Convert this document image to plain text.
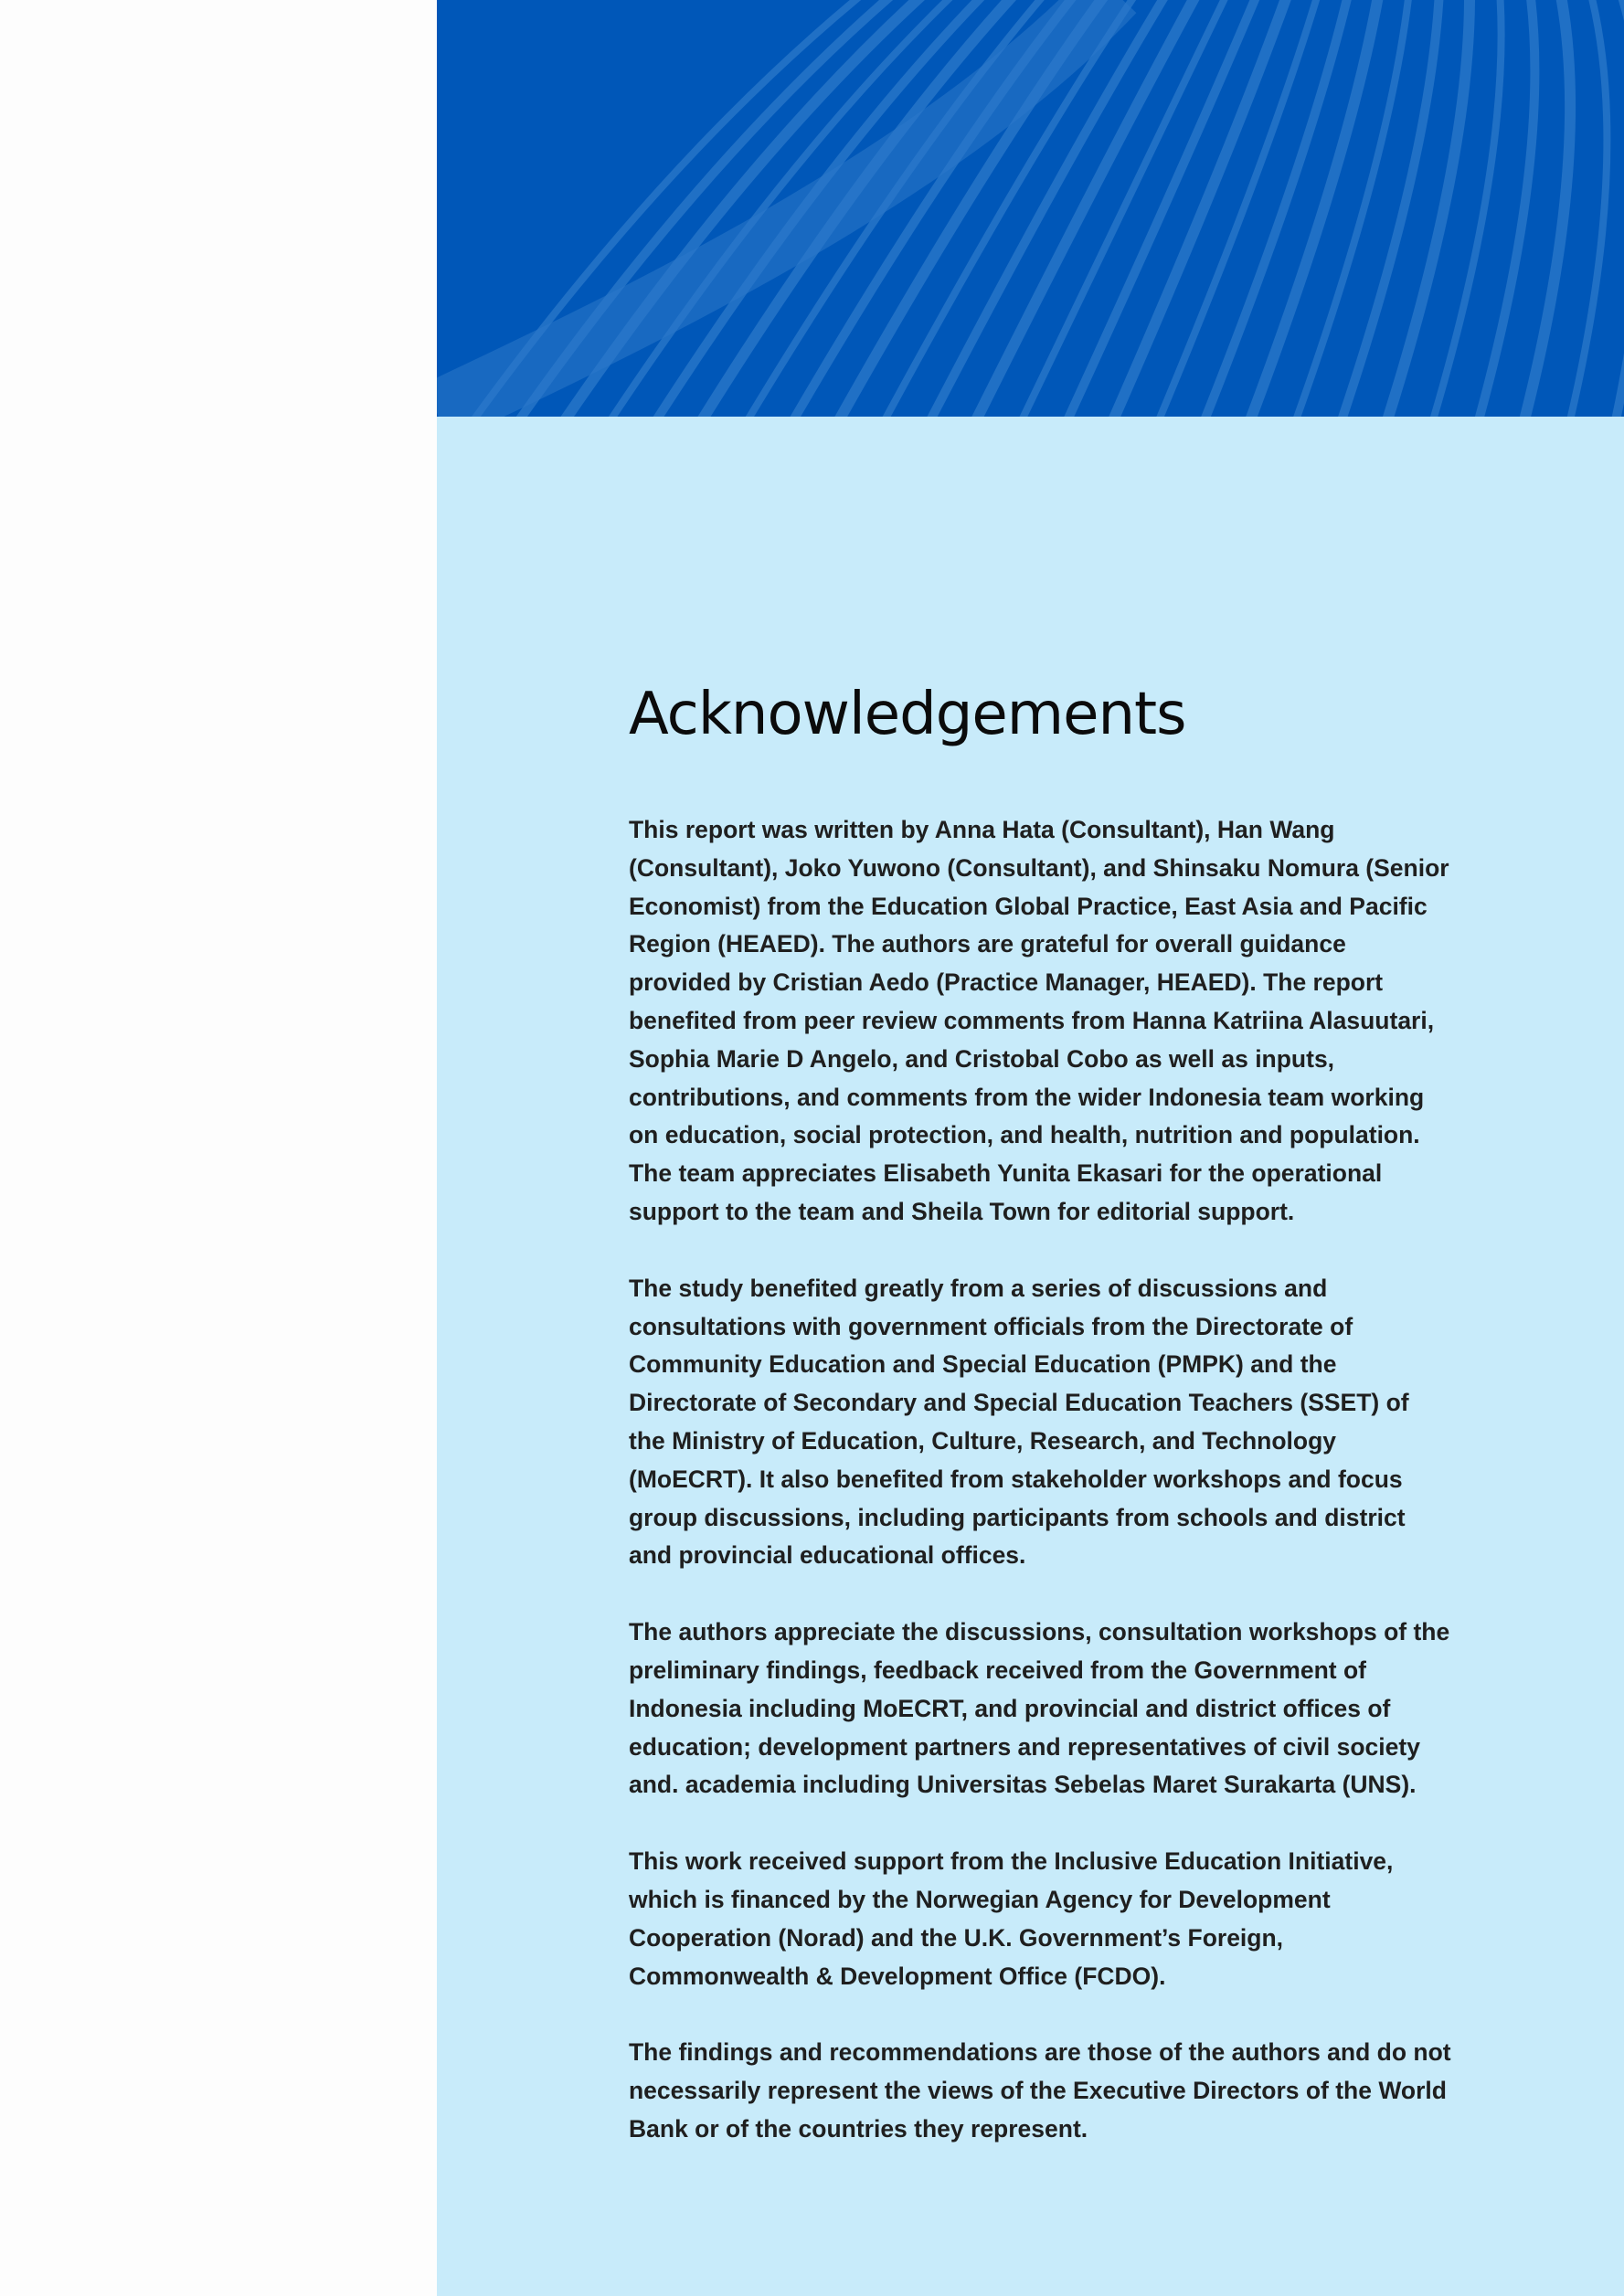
Acknowledgements

This report was written by Anna Hata (Consultant), Han Wang (Consultant), Joko Yuwono (Consultant), and Shinsaku Nomura (Senior Economist) from the Education Global Practice, East Asia and Pacific Region (HEAED). The authors are grateful for overall guidance provided by Cristian Aedo (Practice Manager, HEAED). The report benefited from peer review comments from Hanna Katriina Alasuutari, Sophia Marie D Angelo, and Cristobal Cobo as well as inputs, contributions, and comments from the wider Indonesia team working on education, social protection, and health, nutrition and population. The team appreciates Elisabeth Yunita Ekasari for the operational support to the team and Sheila Town for editorial support.

The study benefited greatly from a series of discussions and consultations with government officials from the Directorate of Community Education and Special Education (PMPK) and the Directorate of Secondary and Special Education Teachers (SSET) of the Ministry of Education, Culture, Research, and Technology (MoECRT). It also benefited from stakeholder workshops and focus group discussions, including participants from schools and district and provincial educational offices.

The authors appreciate the discussions, consultation workshops of the preliminary findings, feedback received from the Government of Indonesia including MoECRT, and provincial and district offices of education; development partners and representatives of civil society and. academia including Universitas Sebelas Maret Surakarta (UNS).

This work received support from the Inclusive Education Initiative, which is financed by the Norwegian Agency for Development Cooperation (Norad) and the U.K. Government’s Foreign, Commonwealth & Development Office (FCDO).

The findings and recommendations are those of the authors and do not necessarily represent the views of the Executive Directors of the World Bank or of the countries they represent.
